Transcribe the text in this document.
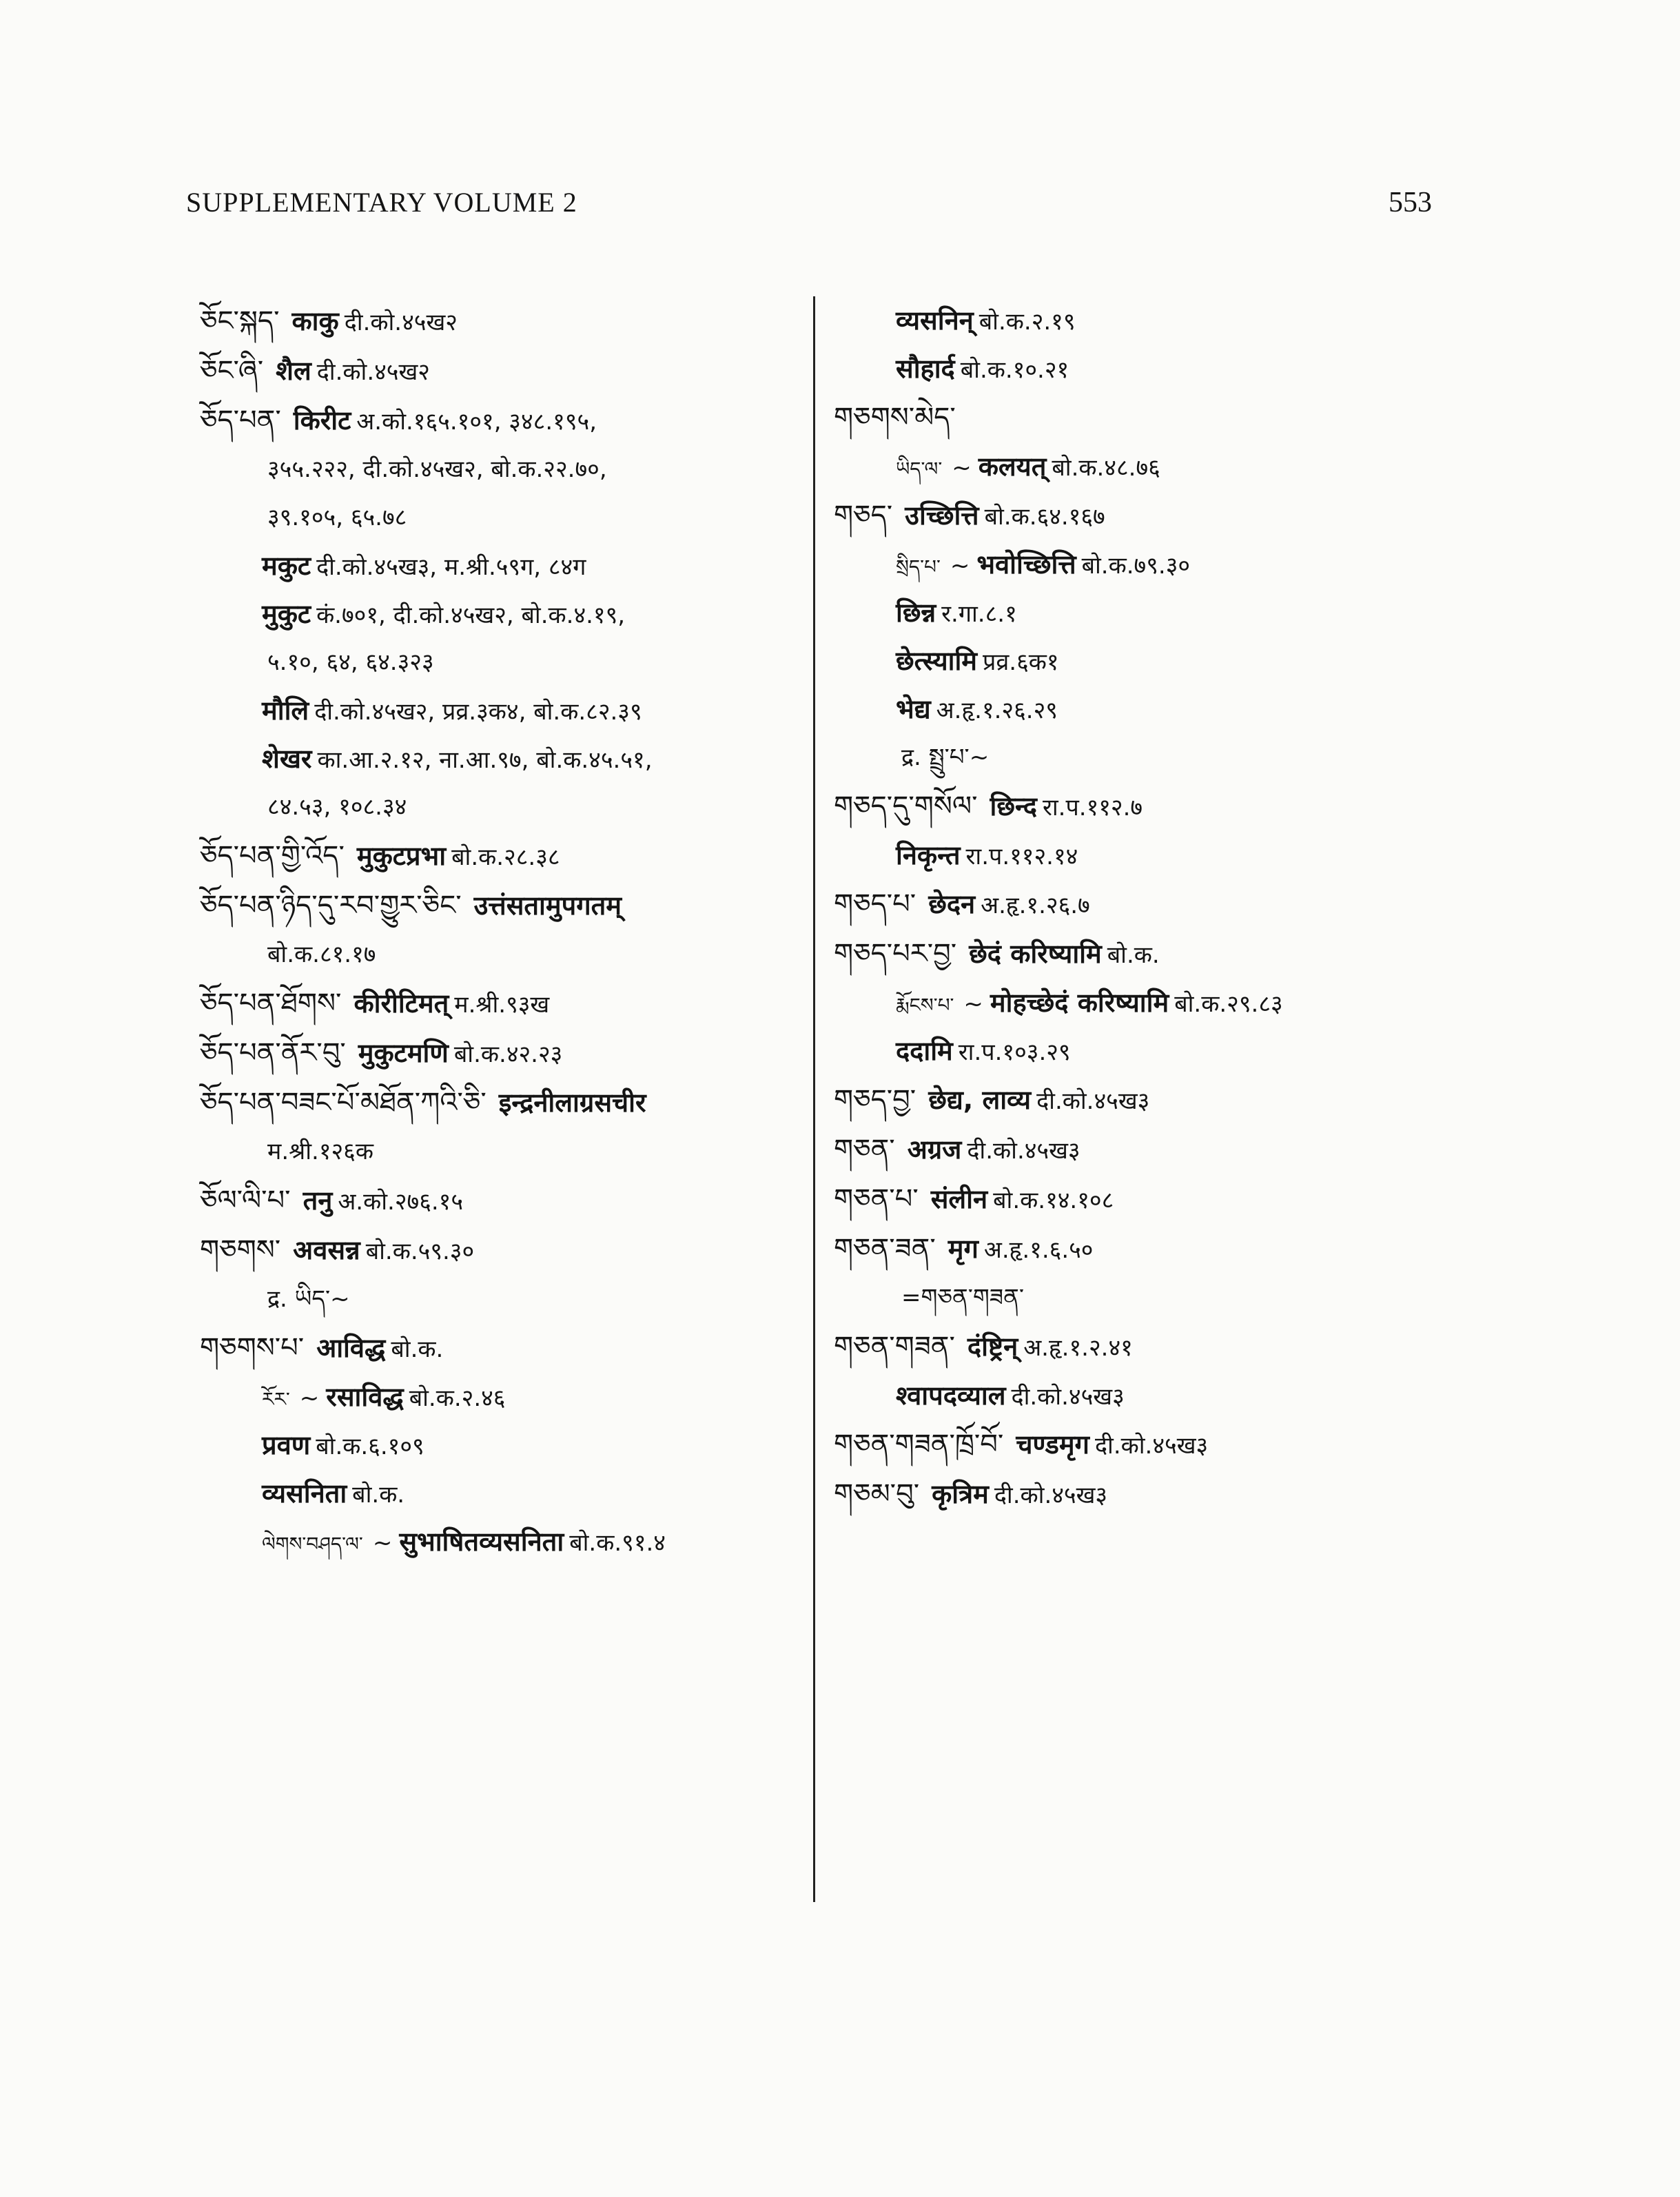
SUPPLEMENTARY VOLUME 2	553
ཅོང་སྐད་ काकु दी.को.४५ख२
ཅོང་ཞི་ शैल दी.को.४५ख२
ཅོད་པན་ किरीट अ.को.१६५.१०१, ३४८.१९५,
३५५.२२२, दी.को.४५ख२, बो.क.२२.७०,
३९.१०५, ६५.७८
मकुट दी.को.४५ख३, म.श्री.५९ग, ८४ग
मुकुट कं.७०१, दी.को.४५ख२, बो.क.४.१९,
५.१०, ६४, ६४.३२३
मौलि दी.को.४५ख२, प्रव्र.३क४, बो.क.८२.३९
शेखर का.आ.२.१२, ना.आ.९७, बो.क.४५.५१,
८४.५३, १०८.३४
ཅོད་པན་གྱི་འོད་ मुकुटप्रभा बो.क.२८.३८
ཅོད་པན་ཉིད་དུ་རབ་གྱུར་ཅིང་ उत्तंसतामुपगतम्
बो.क.८१.१७
ཅོད་པན་ཐོགས་ कीरीटिमत् म.श्री.९३ख
ཅོད་པན་ནོར་བུ་ मुकुटमणि बो.क.४२.२३
ཅོད་པན་བཟང་པོ་མཐོན་ཀའི་ཅི་ इन्द्रनीलाग्रसचीर
म.श्री.१२६क
ཅོལ་ལི་པ་ तनु अ.को.२७६.१५
གཅགས་ अवसन्न बो.क.५९.३०
द्र. ཡིད་~
གཅགས་པ་ आविद्ध बो.क.
རོར་ ~ रसाविद्ध बो.क.२.४६
प्रवण बो.क.६.१०९
व्यसनिता बो.क.
ལེགས་བཤད་ལ་ ~ सुभाषितव्यसनिता बो.क.९१.४
व्यसनिन् बो.क.२.१९
सौहार्द बो.क.१०.२१
གཅགས་མེད་
ཡིད་ལ་ ~ कलयत् बो.क.४८.७६
གཅད་ उच्छित्ति बो.क.६४.१६७
སྲིད་པ་ ~ भवोच्छित्ति बो.क.७९.३०
छिन्न र.गा.८.१
छेत्स्यामि प्रव्र.६क१
भेद्य अ.हृ.१.२६.२९
द्र. སྤྲུ་པ་~
གཅད་དུ་གསོལ་ छिन्द रा.प.११२.७
निकृन्त रा.प.११२.१४
གཅད་པ་ छेदन अ.हृ.१.२६.७
གཅད་པར་བྱ་ छेदं करिष्यामि बो.क.
རྨོངས་པ་ ~ मोहच्छेदं करिष्यामि बो.क.२९.८३
ददामि रा.प.१०३.२९
གཅད་བྱ་ छेद्य, लाव्य दी.को.४५ख३
གཅན་ अग्रज दी.को.४५ख३
གཅན་པ་ संलीन बो.क.१४.१०८
གཅན་ཟན་ मृग अ.हृ.१.६.५०
=གཅན་གཟན་
གཅན་གཟན་ दंष्ट्रिन् अ.हृ.१.२.४१
श्वापदव्याल दी.को.४५ख३
གཅན་གཟན་ཁྲོ་བོ་ चण्डमृग दी.को.४५ख३
གཅམ་བུ་ कृत्रिम दी.को.४५ख३
